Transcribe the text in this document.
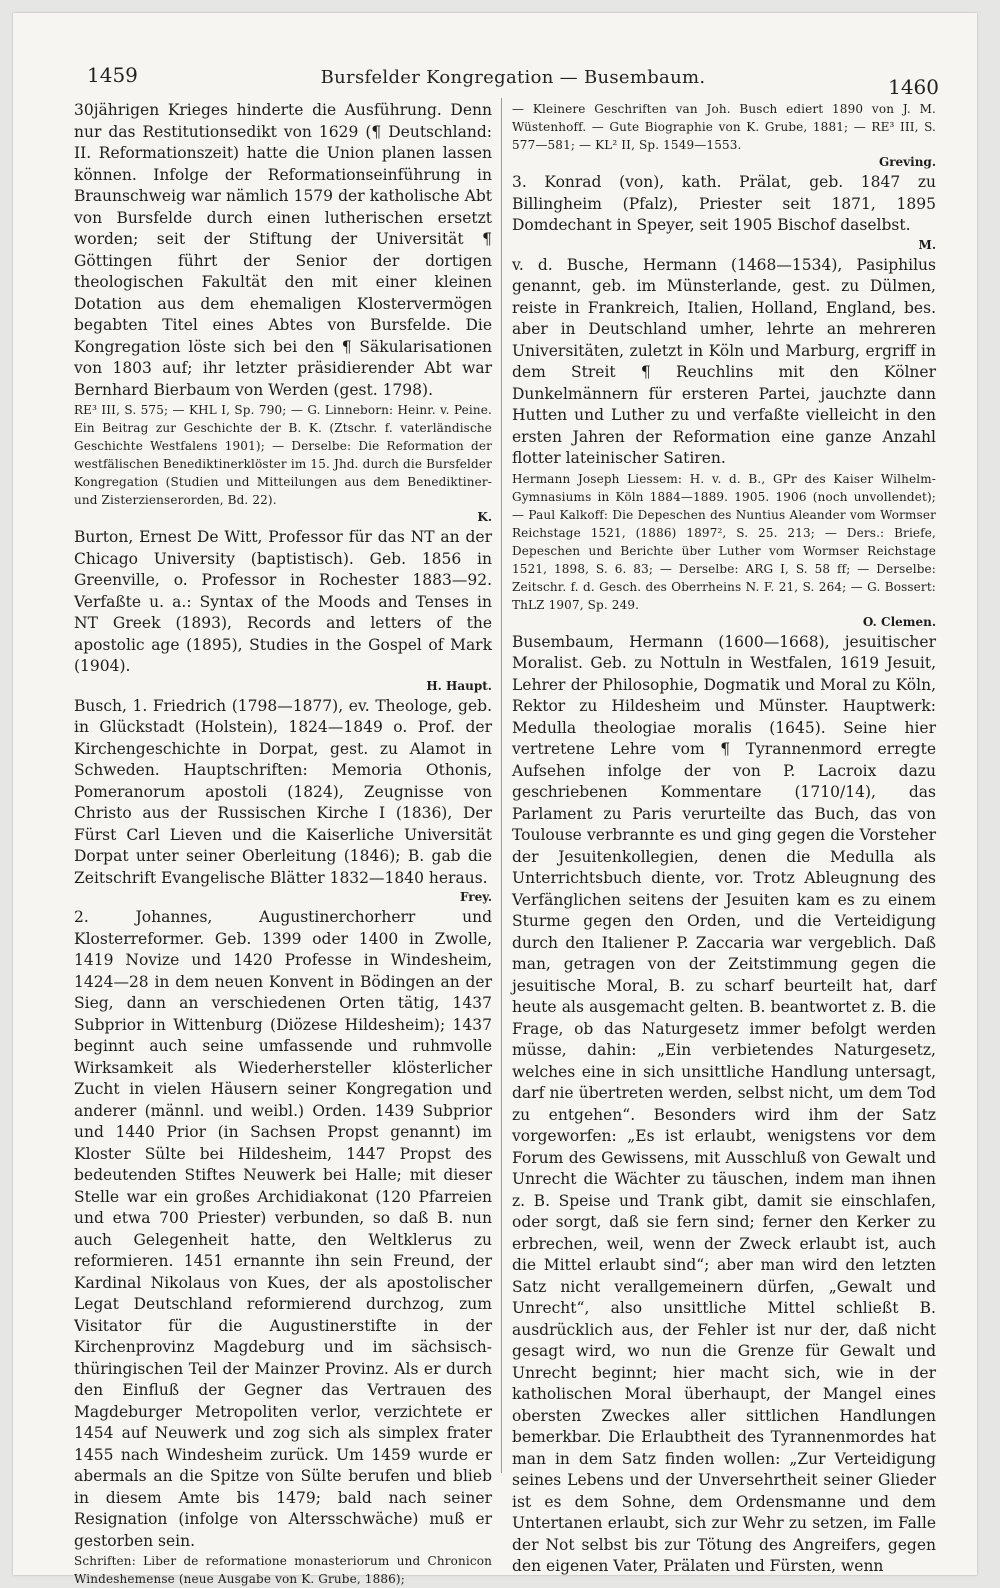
1459	Bursfelder Kongregation — Busembaum.	1460

30jährigen Krieges hinderte die Ausführung. Denn nur das Restitutionsedikt von 1629 (¶ Deutschland: II. Reformationszeit) hatte die Union planen lassen können. Infolge der Reformationseinführung in Braunschweig war nämlich 1579 der katholische Abt von Bursfelde durch einen lutherischen ersetzt worden; seit der Stiftung der Universität ¶ Göttingen führt der Senior der dortigen theologischen Fakultät den mit einer kleinen Dotation aus dem ehemaligen Klostervermögen begabten Titel eines Abtes von Bursfelde. Die Kongregation löste sich bei den ¶ Säkularisationen von 1803 auf; ihr letzter präsidierender Abt war Bernhard Bierbaum von Werden (gest. 1798).

RE³ III, S. 575; — KHL I, Sp. 790; — G. Linneborn: Heinr. v. Peine. Ein Beitrag zur Geschichte der B. K. (Ztschr. f. vaterländische Geschichte Westfalens 1901); — Derselbe: Die Reformation der westfälischen Benediktinerklöster im 15. Jhd. durch die Bursfelder Kongregation (Studien und Mitteilungen aus dem Benediktiner- und Zisterzienserorden, Bd. 22).

K.

Burton, Ernest De Witt, Professor für das NT an der Chicago University (baptistisch). Geb. 1856 in Greenville, o. Professor in Rochester 1883—92. Verfaßte u. a.: Syntax of the Moods and Tenses in NT Greek (1893), Records and letters of the apostolic age (1895), Studies in the Gospel of Mark (1904).

H. Haupt.

Busch, 1. Friedrich (1798—1877), ev. Theologe, geb. in Glückstadt (Holstein), 1824—1849 o. Prof. der Kirchengeschichte in Dorpat, gest. zu Alamot in Schweden. Hauptschriften: Memoria Othonis, Pomeranorum apostoli (1824), Zeugnisse von Christo aus der Russischen Kirche I (1836), Der Fürst Carl Lieven und die Kaiserliche Universität Dorpat unter seiner Oberleitung (1846); B. gab die Zeitschrift Evangelische Blätter 1832—1840 heraus.

Frey.

2. Johannes, Augustinerchorherr und Klosterreformer. Geb. 1399 oder 1400 in Zwolle, 1419 Novize und 1420 Professe in Windesheim, 1424—28 in dem neuen Konvent in Bödingen an der Sieg, dann an verschiedenen Orten tätig, 1437 Subprior in Wittenburg (Diözese Hildesheim); 1437 beginnt auch seine umfassende und ruhmvolle Wirksamkeit als Wiederhersteller klösterlicher Zucht in vielen Häusern seiner Kongregation und anderer (männl. und weibl.) Orden. 1439 Subprior und 1440 Prior (in Sachsen Propst genannt) im Kloster Sülte bei Hildesheim, 1447 Propst des bedeutenden Stiftes Neuwerk bei Halle; mit dieser Stelle war ein großes Archidiakonat (120 Pfarreien und etwa 700 Priester) verbunden, so daß B. nun auch Gelegenheit hatte, den Weltklerus zu reformieren. 1451 ernannte ihn sein Freund, der Kardinal Nikolaus von Kues, der als apostolischer Legat Deutschland reformierend durchzog, zum Visitator für die Augustinerstifte in der Kirchenprovinz Magdeburg und im sächsisch-thüringischen Teil der Mainzer Provinz. Als er durch den Einfluß der Gegner das Vertrauen des Magdeburger Metropoliten verlor, verzichtete er 1454 auf Neuwerk und zog sich als simplex frater 1455 nach Windesheim zurück. Um 1459 wurde er abermals an die Spitze von Sülte berufen und blieb in diesem Amte bis 1479; bald nach seiner Resignation (infolge von Altersschwäche) muß er gestorben sein.

Schriften: Liber de reformatione monasteriorum und Chronicon Windeshemense (neue Ausgabe von K. Grube, 1886);

— Kleinere Geschriften van Joh. Busch ediert 1890 von J. M. Wüstenhoff. — Gute Biographie von K. Grube, 1881; — RE³ III, S. 577—581; — KL² II, Sp. 1549—1553.

Greving.

3. Konrad (von), kath. Prälat, geb. 1847 zu Billingheim (Pfalz), Priester seit 1871, 1895 Domdechant in Speyer, seit 1905 Bischof daselbst.

M.

v. d. Busche, Hermann (1468—1534), Pasiphilus genannt, geb. im Münsterlande, gest. zu Dülmen, reiste in Frankreich, Italien, Holland, England, bes. aber in Deutschland umher, lehrte an mehreren Universitäten, zuletzt in Köln und Marburg, ergriff in dem Streit ¶ Reuchlins mit den Kölner Dunkelmännern für ersteren Partei, jauchzte dann Hutten und Luther zu und verfaßte vielleicht in den ersten Jahren der Reformation eine ganze Anzahl flotter lateinischer Satiren.

Hermann Joseph Liessem: H. v. d. B., GPr des Kaiser Wilhelm-Gymnasiums in Köln 1884—1889. 1905. 1906 (noch unvollendet); — Paul Kalkoff: Die Depeschen des Nuntius Aleander vom Wormser Reichstage 1521, (1886) 1897², S. 25. 213; — Ders.: Briefe, Depeschen und Berichte über Luther vom Wormser Reichstage 1521, 1898, S. 6. 83; — Derselbe: ARG I, S. 58 ff; — Derselbe: Zeitschr. f. d. Gesch. des Oberrheins N. F. 21, S. 264; — G. Bossert: ThLZ 1907, Sp. 249.

O. Clemen.

Busembaum, Hermann (1600—1668), jesuitischer Moralist. Geb. zu Nottuln in Westfalen, 1619 Jesuit, Lehrer der Philosophie, Dogmatik und Moral zu Köln, Rektor zu Hildesheim und Münster. Hauptwerk: Medulla theologiae moralis (1645). Seine hier vertretene Lehre vom ¶ Tyrannenmord erregte Aufsehen infolge der von P. Lacroix dazu geschriebenen Kommentare (1710/14), das Parlament zu Paris verurteilte das Buch, das von Toulouse verbrannte es und ging gegen die Vorsteher der Jesuitenkollegien, denen die Medulla als Unterrichtsbuch diente, vor. Trotz Ableugnung des Verfänglichen seitens der Jesuiten kam es zu einem Sturme gegen den Orden, und die Verteidigung durch den Italiener P. Zaccaria war vergeblich. Daß man, getragen von der Zeitstimmung gegen die jesuitische Moral, B. zu scharf beurteilt hat, darf heute als ausgemacht gelten. B. beantwortet z. B. die Frage, ob das Naturgesetz immer befolgt werden müsse, dahin: „Ein verbietendes Naturgesetz, welches eine in sich unsittliche Handlung untersagt, darf nie übertreten werden, selbst nicht, um dem Tod zu entgehen“. Besonders wird ihm der Satz vorgeworfen: „Es ist erlaubt, wenigstens vor dem Forum des Gewissens, mit Ausschluß von Gewalt und Unrecht die Wächter zu täuschen, indem man ihnen z. B. Speise und Trank gibt, damit sie einschlafen, oder sorgt, daß sie fern sind; ferner den Kerker zu erbrechen, weil, wenn der Zweck erlaubt ist, auch die Mittel erlaubt sind“; aber man wird den letzten Satz nicht verallgemeinern dürfen, „Gewalt und Unrecht“, also unsittliche Mittel schließt B. ausdrücklich aus, der Fehler ist nur der, daß nicht gesagt wird, wo nun die Grenze für Gewalt und Unrecht beginnt; hier macht sich, wie in der katholischen Moral überhaupt, der Mangel eines obersten Zweckes aller sittlichen Handlungen bemerkbar. Die Erlaubtheit des Tyrannenmordes hat man in dem Satz finden wollen: „Zur Verteidigung seines Lebens und der Unversehrtheit seiner Glieder ist es dem Sohne, dem Ordensmanne und dem Untertanen erlaubt, sich zur Wehr zu setzen, im Falle der Not selbst bis zur Tötung des Angreifers, gegen den eigenen Vater, Prälaten und Fürsten, wenn
